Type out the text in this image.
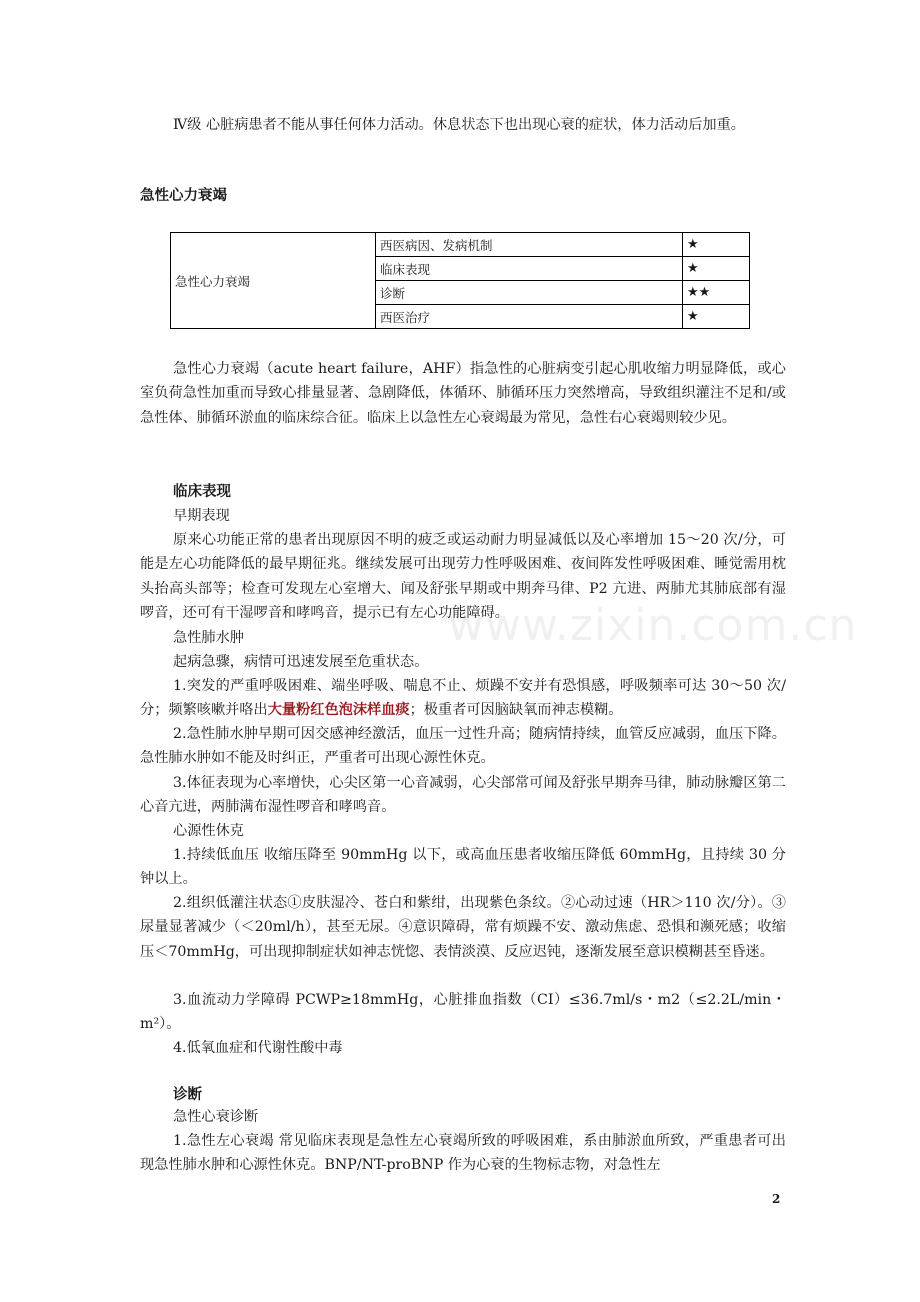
Ⅳ级 心脏病患者不能从事任何体力活动。休息状态下也出现心衰的症状，体力活动后加重。

急性心力衰竭
急性心力衰竭	西医病因、发病机制	★
	临床表现	★
	诊断	★★
	西医治疗	★

急性心力衰竭（acute heart failure，AHF）指急性的心脏病变引起心肌收缩力明显降低，或心室负荷急性加重而导致心排量显著、急剧降低，体循环、肺循环压力突然增高，导致组织灌注不足和/或急性体、肺循环淤血的临床综合征。临床上以急性左心衰竭最为常见，急性右心衰竭则较少见。

临床表现

早期表现

原来心功能正常的患者出现原因不明的疲乏或运动耐力明显减低以及心率增加 15～20 次/分，可能是左心功能降低的最早期征兆。继续发展可出现劳力性呼吸困难、夜间阵发性呼吸困难、睡觉需用枕头抬高头部等；检查可发现左心室增大、闻及舒张早期或中期奔马律、P2 亢进、两肺尤其肺底部有湿啰音，还可有干湿啰音和哮鸣音，提示已有左心功能障碍。

急性肺水肿

起病急骤，病情可迅速发展至危重状态。

1.突发的严重呼吸困难、端坐呼吸、喘息不止、烦躁不安并有恐惧感，呼吸频率可达 30～50 次/分；频繁咳嗽并咯出大量粉红色泡沫样血痰；极重者可因脑缺氧而神志模糊。

2.急性肺水肿早期可因交感神经激活，血压一过性升高；随病情持续，血管反应减弱，血压下降。急性肺水肿如不能及时纠正，严重者可出现心源性休克。

3.体征表现为心率增快，心尖区第一心音减弱，心尖部常可闻及舒张早期奔马律，肺动脉瓣区第二心音亢进，两肺满布湿性啰音和哮鸣音。

心源性休克

1.持续低血压 收缩压降至 90mmHg 以下，或高血压患者收缩压降低 60mmHg，且持续 30 分钟以上。

2.组织低灌注状态①皮肤湿冷、苍白和紫绀，出现紫色条纹。②心动过速（HR＞110 次/分）。③尿量显著减少（＜20ml/h），甚至无尿。④意识障碍，常有烦躁不安、激动焦虑、恐惧和濒死感；收缩压＜70mmHg，可出现抑制症状如神志恍惚、表情淡漠、反应迟钝，逐渐发展至意识模糊甚至昏迷。

3.血流动力学障碍 PCWP≥18mmHg，心脏排血指数（CI）≤36.7ml/s・m2（≤2.2L/min・m²）。

4.低氧血症和代谢性酸中毒

诊断

急性心衰诊断

1.急性左心衰竭 常见临床表现是急性左心衰竭所致的呼吸困难，系由肺淤血所致，严重患者可出现急性肺水肿和心源性休克。BNP/NT-proBNP 作为心衰的生物标志物，对急性左

www.zixin.com.cn
2
